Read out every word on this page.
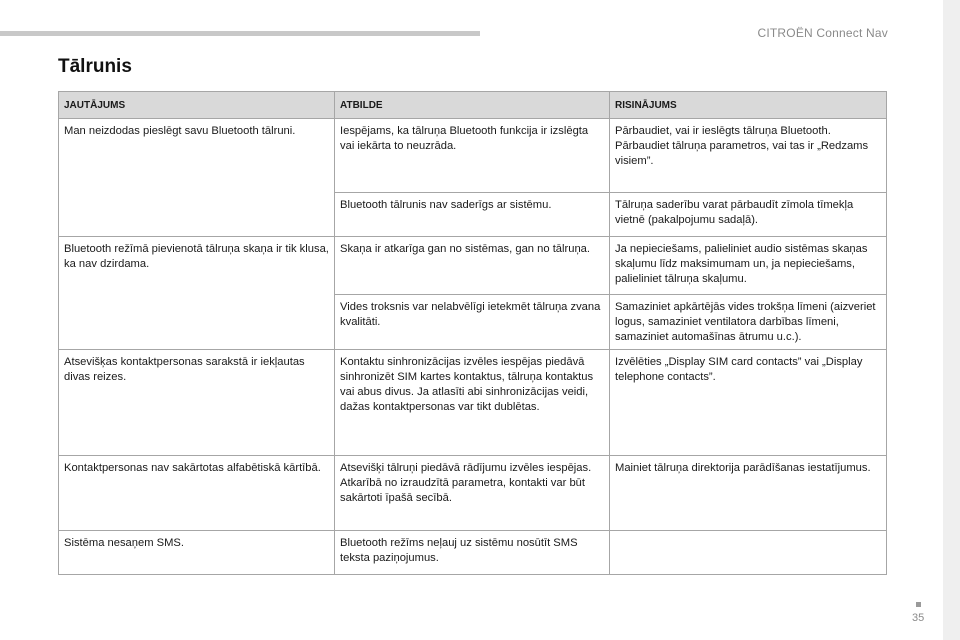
CITROËN Connect Nav
Tālrunis
JAUTĀJUMS	ATBILDE	RISINĀJUMS
Man neizdodas pieslēgt savu Bluetooth tālruni.	Iespējams, ka tālruņa Bluetooth funkcija ir izslēgta vai iekārta to neuzrāda.	Pārbaudiet, vai ir ieslēgts tālruņa Bluetooth. Pārbaudiet tālruņa parametros, vai tas ir „Redzams visiem”.
	Bluetooth tālrunis nav saderīgs ar sistēmu.	Tālruņa saderību varat pārbaudīt zīmola tīmekļa vietnē (pakalpojumu sadaļā).
Bluetooth režīmā pievienotā tālruņa skaņa ir tik klusa, ka nav dzirdama.	Skaņa ir atkarīga gan no sistēmas, gan no tālruņa.	Ja nepieciešams, palieliniet audio sistēmas skaņas skaļumu līdz maksimumam un, ja nepieciešams, palieliniet tālruņa skaļumu.
	Vides troksnis var nelabvēlīgi ietekmēt tālruņa zvana kvalitāti.	Samaziniet apkārtējās vides trokšņa līmeni (aizveriet logus, samaziniet ventilatora darbības līmeni, samaziniet automašīnas ātrumu u.c.).
Atsevišķas kontaktpersonas sarakstā ir iekļautas divas reizes.	Kontaktu sinhronizācijas izvēles iespējas piedāvā sinhronizēt SIM kartes kontaktus, tālruņa kontaktus vai abus divus. Ja atlasīti abi sinhronizācijas veidi, dažas kontaktpersonas var tikt dublētas.	Izvēlēties „Display SIM card contacts” vai „Display telephone contacts”.
Kontaktpersonas nav sakārtotas alfabētiskā kārtībā.	Atsevišķi tālruņi piedāvā rādījumu izvēles iespējas. Atkarībā no izraudzītā parametra, kontakti var būt sakārtoti īpašā secībā.	Mainiet tālruņa direktorija parādīšanas iestatījumus.
Sistēma nesaņem SMS.	Bluetooth režīms neļauj uz sistēmu nosūtīt SMS teksta paziņojumus.	
35
